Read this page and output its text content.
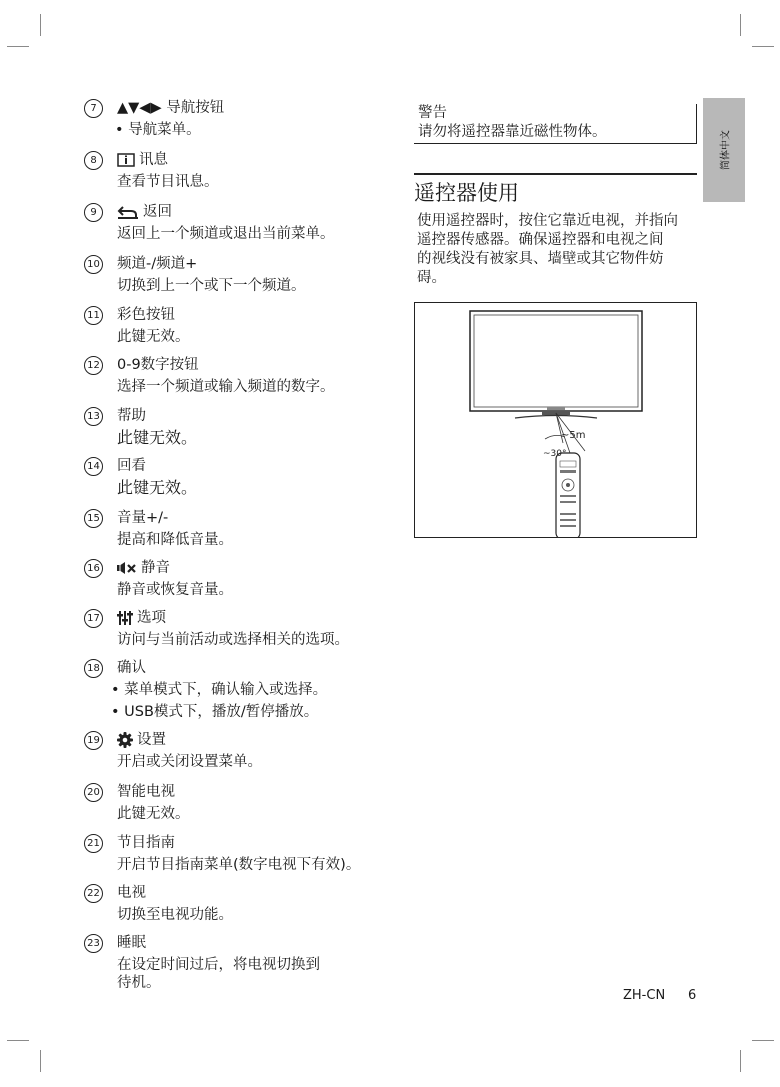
7	▲▼◀▶ 导航按钮
• 导航菜单。
8	讯息
查看节目讯息。
9	返回
返回上一个频道或退出当前菜单。
10 频道-/频道+
切换到上一个或下一个频道。
11 彩色按钮
此键无效。
12 0-9数字按钮
选择一个频道或输入频道的数字。
13 帮助
此键无效。
14 回看
此键无效。
15 音量+/-
提高和降低音量。
16	静音
静音或恢复音量。
17	选项
访问与当前活动或选择相关的选项。
18 确认
• 菜单模式下，确认输入或选择。
• USB模式下，播放/暂停播放。
19	设置
开启或关闭设置菜单。
20 智能电视
此键无效。
21 节目指南
开启节目指南菜单(数字电视下有效)。
22 电视
切换至电视功能。
23 睡眠
在设定时间过后，将电视切换到
待机。
警告
请勿将遥控器靠近磁性物体。
遥控器使用
使用遥控器时，按住它靠近电视，并指向
遥控器传感器。确保遥控器和电视之间
的视线没有被家具、墙壁或其它物件妨
碍。
~5m
~30°
简体中文
ZH-CN 6
